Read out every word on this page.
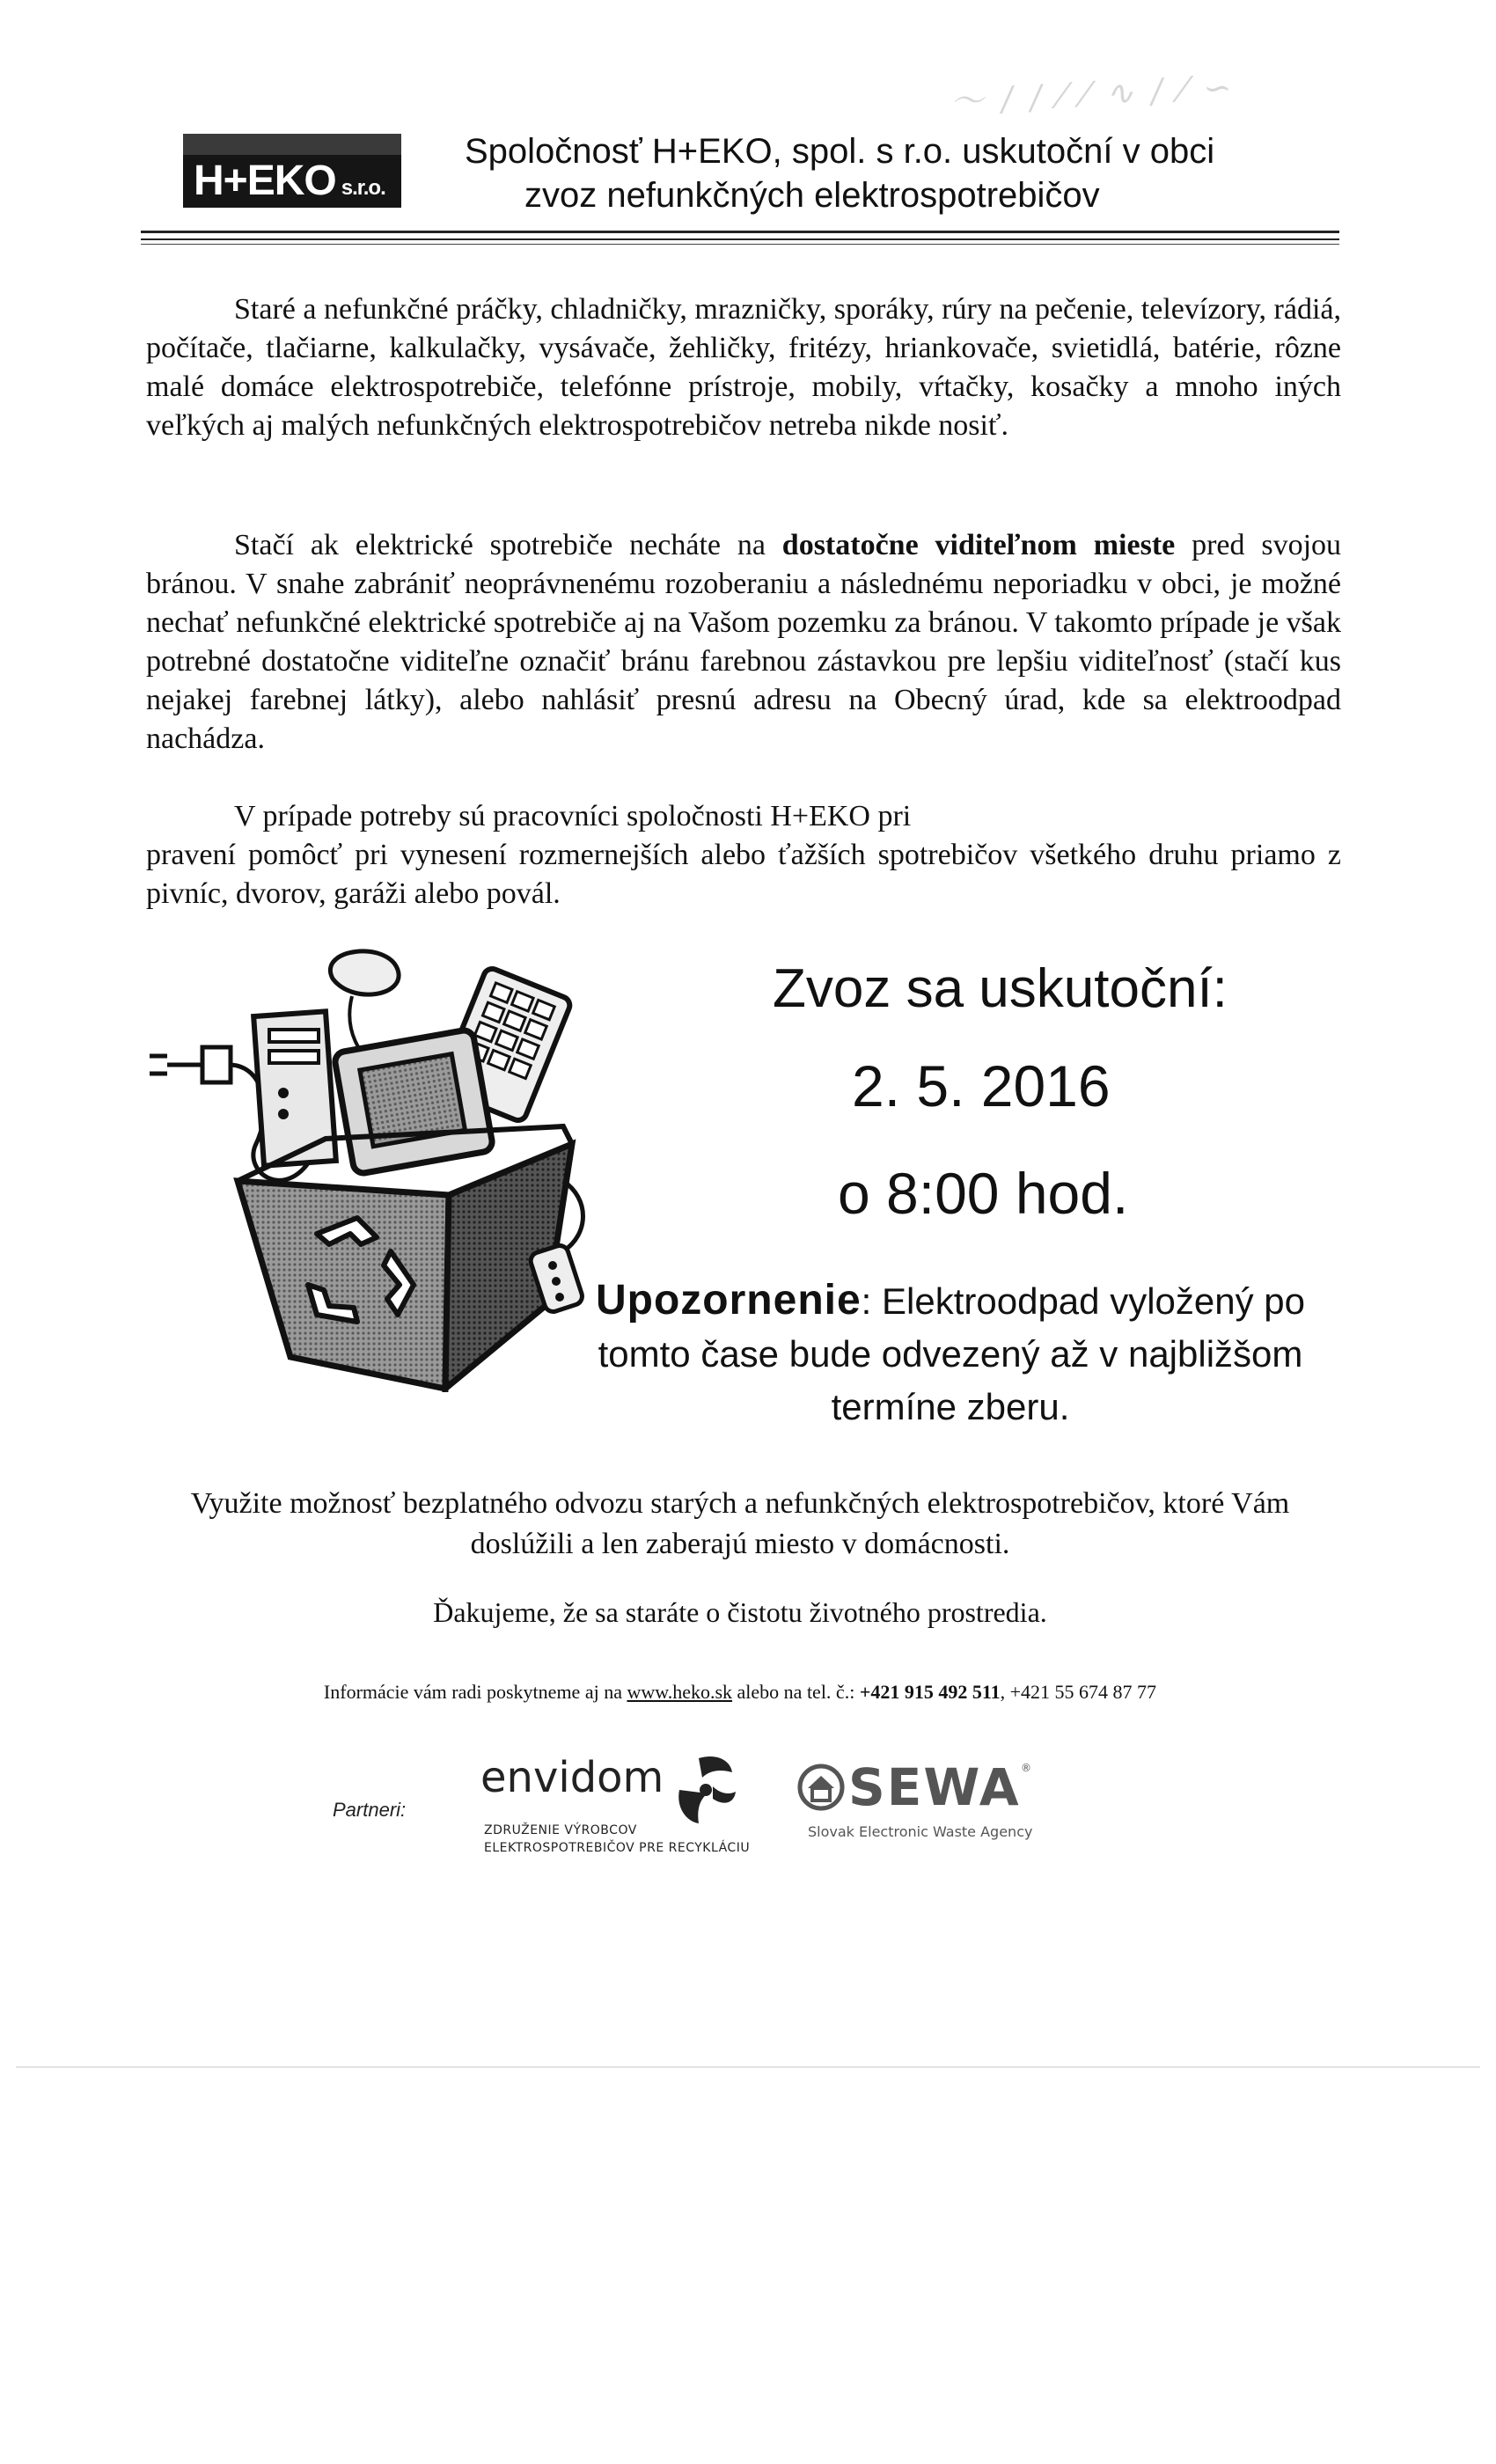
〜 ∕ ∕ ⁄ ⁄ ∿ ∕ ⁄ ∽
H+EKO s.r.o.
Spoločnosť H+EKO, spol. s r.o. uskutoční v obci
zvoz nefunkčných elektrospotrebičov

Staré a nefunkčné práčky, chladničky, mrazničky, sporáky, rúry na pečenie, televízory, rádiá, počítače, tlačiarne, kalkulačky, vysávače, žehličky, fritézy, hriankovače, svietidlá, batérie, rôzne malé domáce elektrospotrebiče, telefónne prístroje, mobily, vŕtačky, kosačky a mnoho iných veľkých aj malých nefunkčných elektrospotrebičov netreba nikde nosiť.

Stačí ak elektrické spotrebiče necháte na dostatočne viditeľnom mieste pred svojou bránou. V snahe zabrániť neoprávnenému rozoberaniu a následnému neporiadku v obci, je možné nechať nefunkčné elektrické spotrebiče aj na Vašom pozemku za bránou. V takomto prípade je však potrebné dostatočne viditeľne označiť bránu farebnou zástavkou pre lepšiu viditeľnosť (stačí kus nejakej farebnej látky), alebo nahlásiť presnú adresu na Obecný úrad, kde sa elektroodpad nachádza.

V prípade potreby sú pracovníci spoločnosti H+EKO pri
pravení pomôcť pri vynesení rozmernejších alebo ťažších spotrebičov všetkého druhu priamo z pivníc, dvorov, garáži alebo povál.

Zvoz sa uskutoční:
2. 5. 2016
o 8:00 hod.
Upozornenie: Elektroodpad vyložený po tomto čase bude odvezený až v najbližšom termíne zberu.
Využite možnosť bezplatného odvozu starých a nefunkčných elektrospotrebičov, ktoré Vám doslúžili a len zaberajú miesto v domácnosti.
Ďakujeme, že sa staráte o čistotu životného prostredia.
Informácie vám radi poskytneme aj na www.heko.sk alebo na tel. č.: +421 915 492 511, +421 55 674 87 77
Partneri:
envidom
ZDRUŽENIE VÝROBCOV
ELEKTROSPOTREBIČOV PRE RECYKLÁCIU
SEWA ®
Slovak Electronic Waste Agency
